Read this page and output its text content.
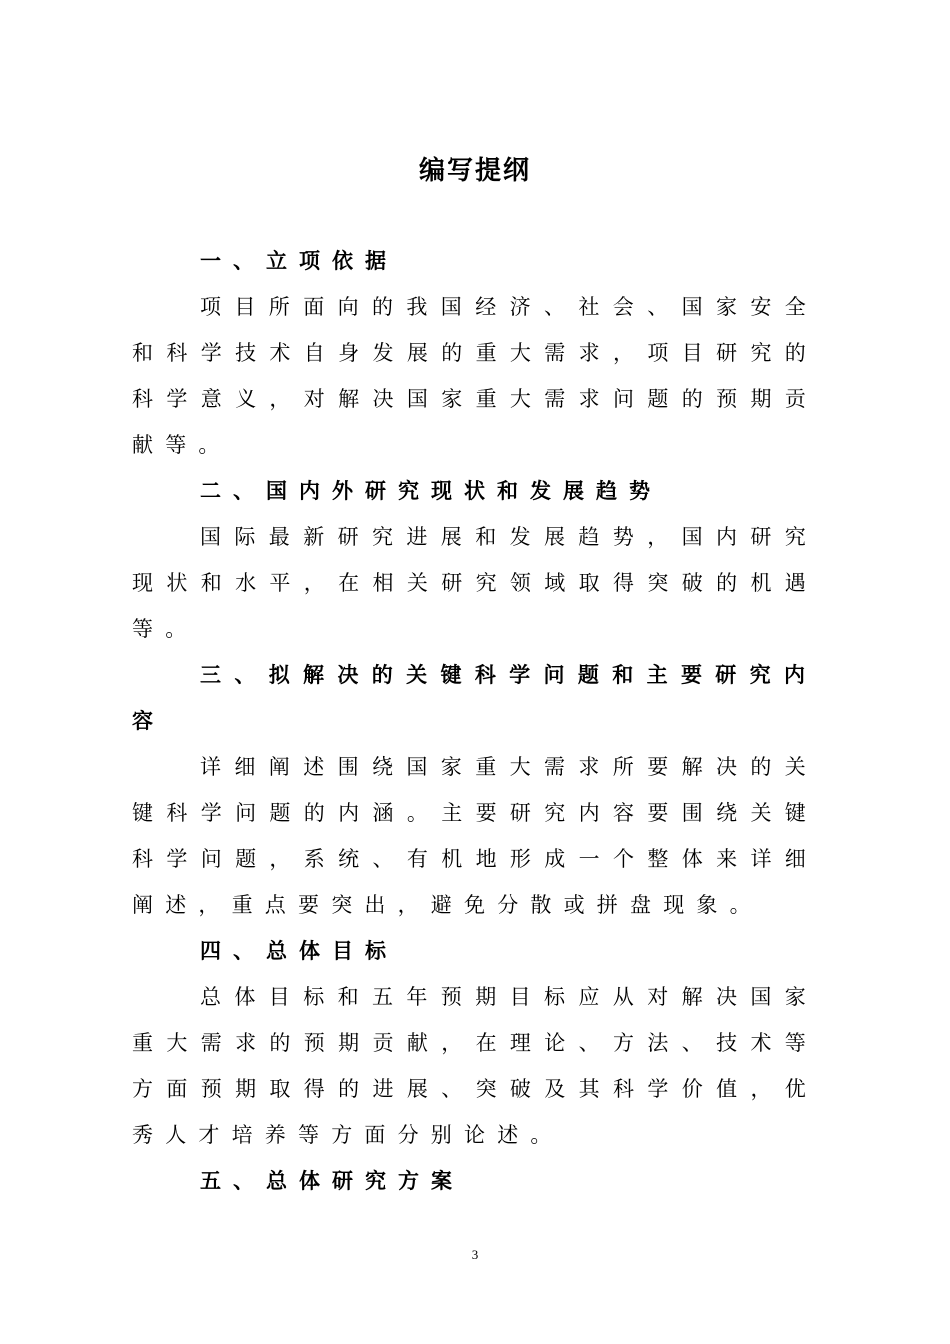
编写提纲

一、立项依据

项目所面向的我国经济、社会、国家安全和科学技术自身发展的重大需求，项目研究的科学意义，对解决国家重大需求问题的预期贡献等。

二、国内外研究现状和发展趋势

国际最新研究进展和发展趋势，国内研究现状和水平，在相关研究领域取得突破的机遇等。

三、拟解决的关键科学问题和主要研究内容

详细阐述围绕国家重大需求所要解决的关键科学问题的内涵。主要研究内容要围绕关键科学问题，系统、有机地形成一个整体来详细阐述，重点要突出，避免分散或拼盘现象。

四、总体目标

总体目标和五年预期目标应从对解决国家重大需求的预期贡献，在理论、方法、技术等方面预期取得的进展、突破及其科学价值，优秀人才培养等方面分别论述。

五、总体研究方案

3
